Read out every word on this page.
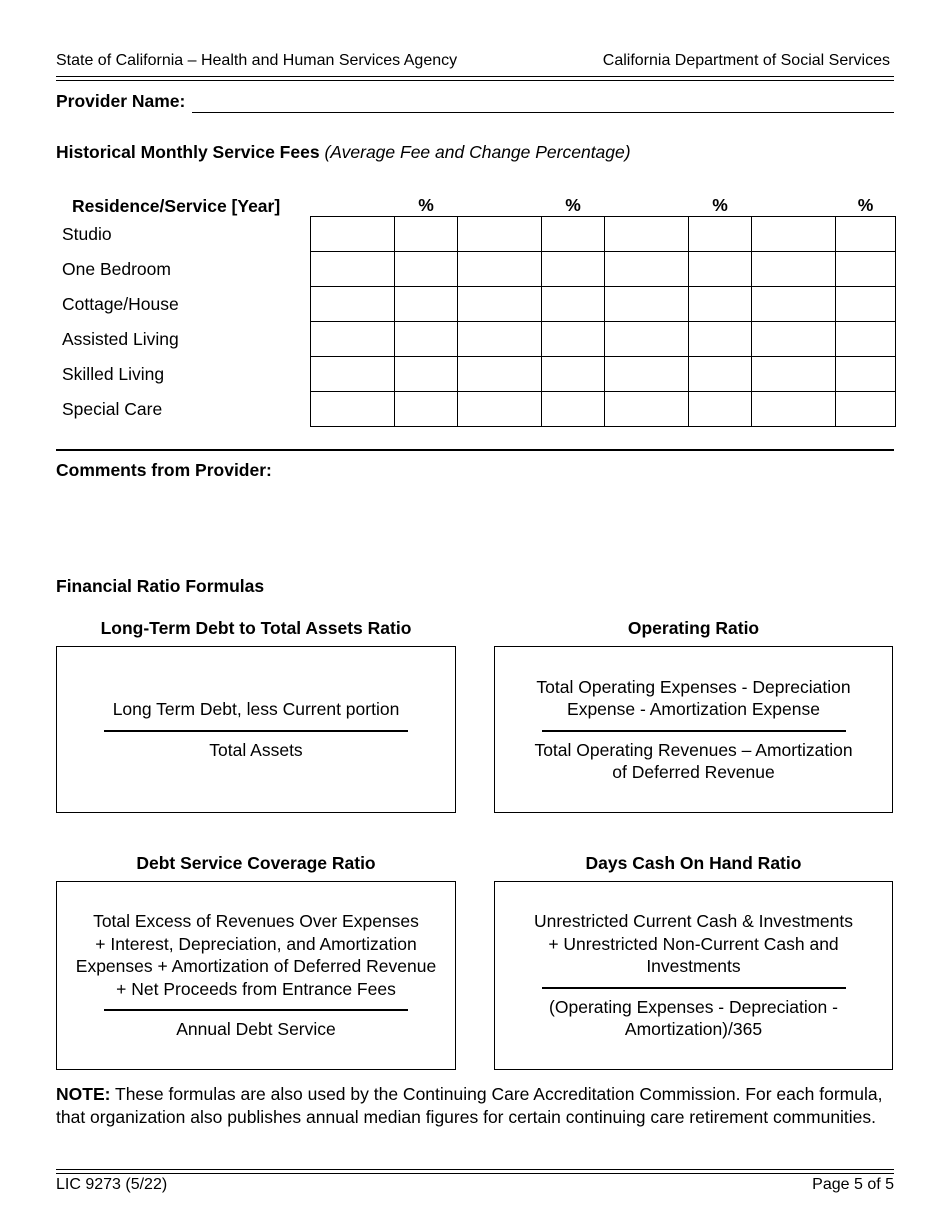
State of California – Health and Human Services Agency	California Department of Social Services
Provider Name:
Historical Monthly Service Fees (Average Fee and Change Percentage)
Residence/Service [Year]		%		%		%		%
Studio								
One Bedroom								
Cottage/House								
Assisted Living								
Skilled Living								
Special Care								
Comments from Provider:
Financial Ratio Formulas
Long-Term Debt to Total Assets Ratio
Long Term Debt, less Current portion
Total Assets
Operating Ratio
Total Operating Expenses - Depreciation
Expense - Amortization Expense
Total Operating Revenues – Amortization
of Deferred Revenue
Debt Service Coverage Ratio
Total Excess of Revenues Over Expenses
+ Interest, Depreciation, and Amortization
Expenses + Amortization of Deferred Revenue
+ Net Proceeds from Entrance Fees
Annual Debt Service
Days Cash On Hand Ratio
Unrestricted Current Cash & Investments
+ Unrestricted Non-Current Cash and
Investments
(Operating Expenses - Depreciation -
Amortization)/365
NOTE: These formulas are also used by the Continuing Care Accreditation Commission. For each formula, that organization also publishes annual median figures for certain continuing care retirement communities.
LIC 9273 (5/22)	Page 5 of 5
